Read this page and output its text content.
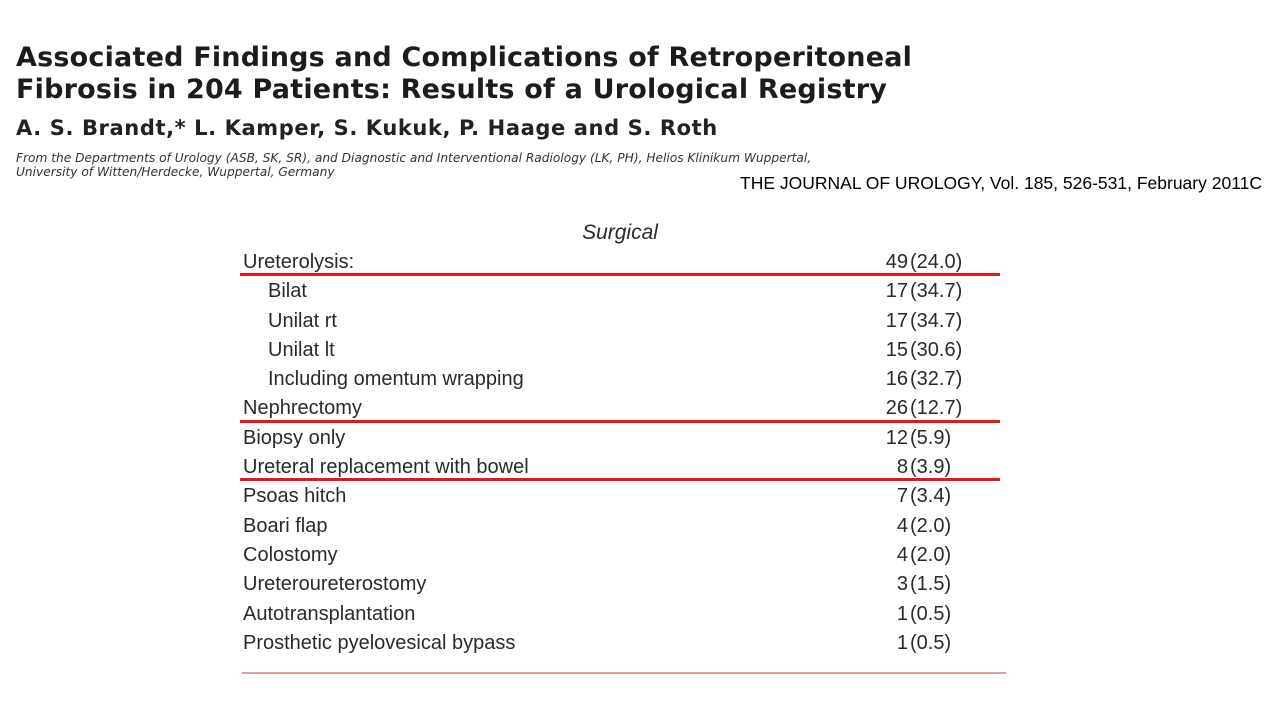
Associated Findings and Complications of Retroperitoneal
Fibrosis in 204 Patients: Results of a Urological Registry
A. S. Brandt,* L. Kamper, S. Kukuk, P. Haage and S. Roth
From the Departments of Urology (ASB, SK, SR), and Diagnostic and Interventional Radiology (LK, PH), Helios Klinikum Wuppertal,
University of Witten/Herdecke, Wuppertal, Germany
THE JOURNAL OF UROLOGY, Vol. 185, 526-531, February 2011C
Surgical
Ureterolysis:	49 (24.0)
Bilat	17 (34.7)
Unilat rt	17 (34.7)
Unilat lt	15 (30.6)
Including omentum wrapping	16 (32.7)
Nephrectomy	26 (12.7)
Biopsy only	12 (5.9)
Ureteral replacement with bowel	8 (3.9)
Psoas hitch	7 (3.4)
Boari flap	4 (2.0)
Colostomy	4 (2.0)
Ureteroureterostomy	3 (1.5)
Autotransplantation	1 (0.5)
Prosthetic pyelovesical bypass	1 (0.5)
